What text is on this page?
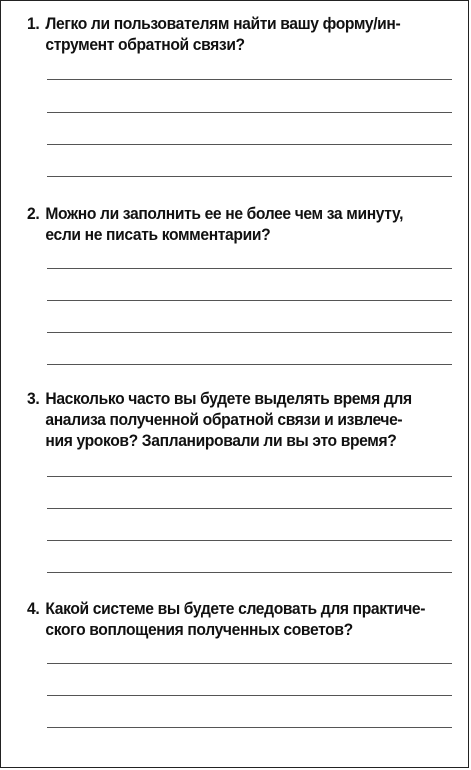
1. Легко ли пользователям найти вашу форму/ин-
струмент обратной связи?
2. Можно ли заполнить ее не более чем за минуту,
если не писать комментарии?
3. Насколько часто вы будете выделять время для
анализа полученной обратной связи и извлече-
ния уроков? Запланировали ли вы это время?
4. Какой системе вы будете следовать для практиче-
ского воплощения полученных советов?
